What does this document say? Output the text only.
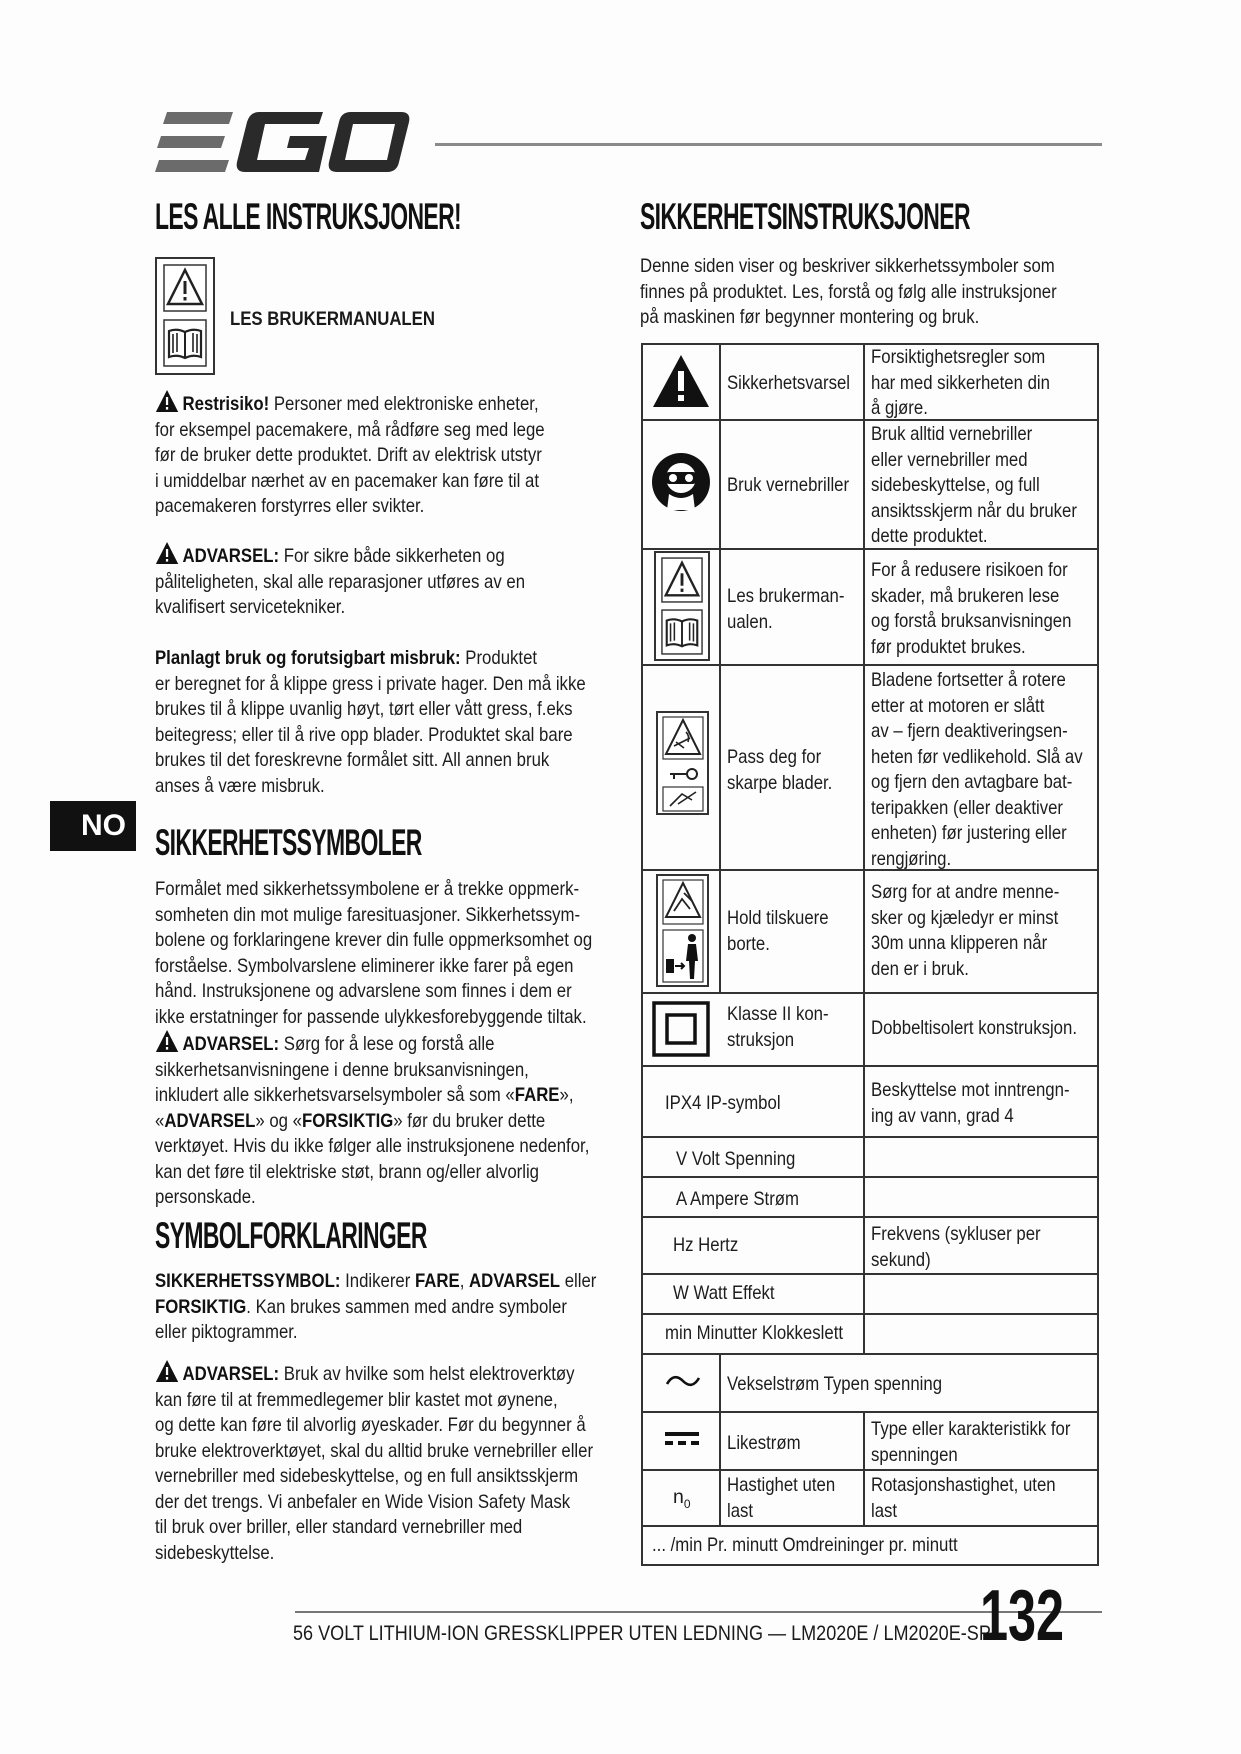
LES ALLE INSTRUKSJONER!
LES BRUKERMANUALEN
Restrisiko! Personer med elektroniske enheter,
for eksempel pacemakere, må rådføre seg med lege
før de bruker dette produktet. Drift av elektrisk utstyr
i umiddelbar nærhet av en pacemaker kan føre til at
pacemakeren forstyrres eller svikter.
ADVARSEL: For sikre både sikkerheten og
påliteligheten, skal alle reparasjoner utføres av en
kvalifisert servicetekniker.
Planlagt bruk og forutsigbart misbruk: Produktet
er beregnet for å klippe gress i private hager. Den må ikke
brukes til å klippe uvanlig høyt, tørt eller vått gress, f.eks
beitegress; eller til å rive opp blader. Produktet skal bare
brukes til det foreskrevne formålet sitt. All annen bruk
anses å være misbruk.
NO SIKKERHETSSYMBOLER
Formålet med sikkerhetssymbolene er å trekke oppmerk-
somheten din mot mulige faresituasjoner. Sikkerhetssym-
bolene og forklaringene krever din fulle oppmerksomhet og
forståelse. Symbolvarslene eliminerer ikke farer på egen
hånd. Instruksjonene og advarslene som finnes i dem er
ikke erstatninger for passende ulykkesforebyggende tiltak.
ADVARSEL: Sørg for å lese og forstå alle
sikkerhetsanvisningene i denne bruksanvisningen,
inkludert alle sikkerhetsvarselsymboler så som «FARE»,
«ADVARSEL» og «FORSIKTIG» før du bruker dette
verktøyet. Hvis du ikke følger alle instruksjonene nedenfor,
kan det føre til elektriske støt, brann og/eller alvorlig
personskade.
SYMBOLFORKLARINGER
SIKKERHETSSYMBOL: Indikerer FARE, ADVARSEL eller
FORSIKTIG. Kan brukes sammen med andre symboler
eller piktogrammer.
ADVARSEL: Bruk av hvilke som helst elektroverktøy
kan føre til at fremmedlegemer blir kastet mot øynene,
og dette kan føre til alvorlig øyeskader. Før du begynner å
bruke elektroverktøyet, skal du alltid bruke vernebriller eller
vernebriller med sidebeskyttelse, og en full ansiktsskjerm
der det trengs. Vi anbefaler en Wide Vision Safety Mask
til bruk over briller, eller standard vernebriller med
sidebeskyttelse.
SIKKERHETSINSTRUKSJONER
Denne siden viser og beskriver sikkerhetssymboler som
finnes på produktet. Les, forstå og følg alle instruksjoner
på maskinen før begynner montering og bruk.
Sikkerhetsvarsel
Forsiktighetsregler som
har med sikkerheten din
å gjøre.
Bruk vernebriller
Bruk alltid vernebriller
eller vernebriller med
sidebeskyttelse, og full
ansiktsskjerm når du bruker
dette produktet.
Les brukerman-
ualen.
For å redusere risikoen for
skader, må brukeren lese
og forstå bruksanvisningen
før produktet brukes.
Pass deg for
skarpe blader.
Bladene fortsetter å rotere
etter at motoren er slått
av – fjern deaktiveringsen-
heten før vedlikehold. Slå av
og fjern den avtagbare bat-
teripakken (eller deaktiver
enheten) før justering eller
rengjøring.
Hold tilskuere
borte.
Sørg for at andre menne-
sker og kjæledyr er minst
30m unna klipperen når
den er i bruk.
Klasse II kon-
struksjon
Dobbeltisolert konstruksjon.
IPX4 IP-symbol
Beskyttelse mot inntrengn-
ing av vann, grad 4
V Volt Spenning
A Ampere Strøm
Hz Hertz	Frekvens (sykluser per
sekund)
W Watt Effekt
min Minutter Klokkeslett
Vekselstrøm Typen spenning
Likestrøm
Type eller karakteristikk for
spenningen
$n_0$
Hastighet uten
last
Rotasjonshastighet, uten
last
... /min Pr. minutt Omdreininger pr. minutt
56 VOLT LITHIUM-ION GRESSKLIPPER UTEN LEDNING — LM2020E / LM2020E-SP
132
